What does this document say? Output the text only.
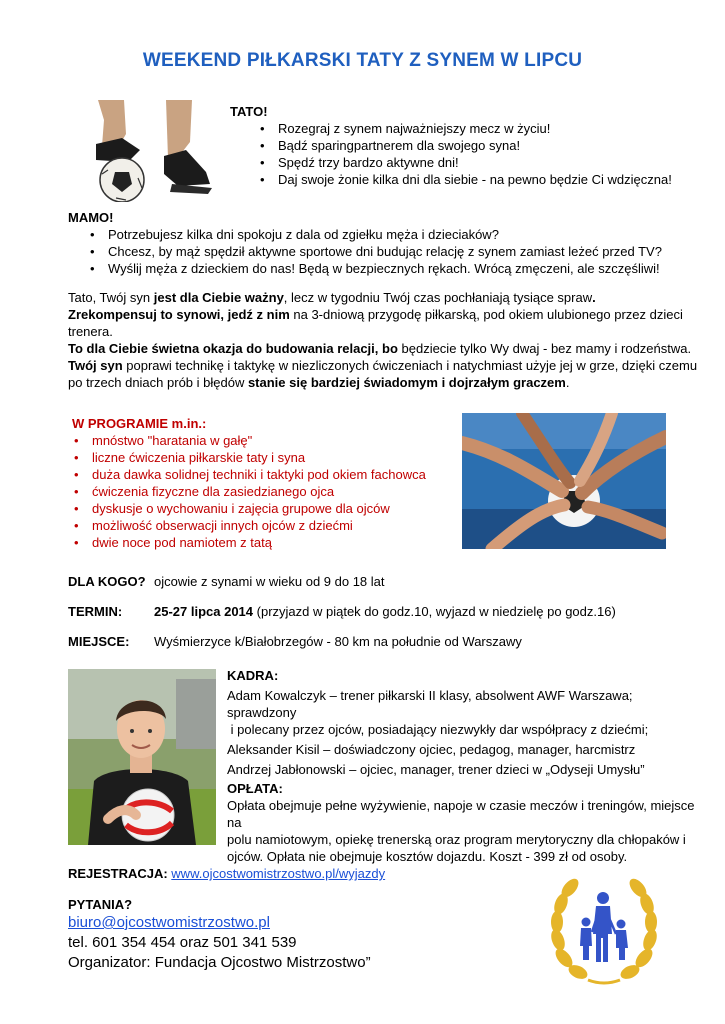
WEEKEND PIŁKARSKI TATY Z SYNEM W LIPCU

TATO!

• Rozegraj z synem najważniejszy mecz w życiu!
• Bądź sparingpartnerem dla swojego syna!
• Spędź trzy bardzo aktywne dni!
• Daj swoje żonie kilka dni dla siebie - na pewno będzie Ci wdzięczna!

MAMO!

• Potrzebujesz kilka dni spokoju z dala od zgiełku męża i dzieciaków?
• Chcesz, by mąż spędził aktywne sportowe dni budując relację z synem zamiast leżeć przed TV?
• Wyślij męża z dzieckiem do nas! Będą w bezpiecznych rękach. Wrócą zmęczeni, ale szczęśliwi!

Tato, Twój syn jest dla Ciebie ważny, lecz w tygodniu Twój czas pochłaniają tysiące spraw.

Zrekompensuj to synowi, jedź z nim na 3-dniową przygodę piłkarską, pod okiem ulubionego przez dzieci trenera.

To dla Ciebie świetna okazja do budowania relacji, bo będziecie tylko Wy dwaj - bez mamy i rodzeństwa.

Twój syn poprawi technikę i taktykę w niezliczonych ćwiczeniach i natychmiast użyje jej w grze, dzięki czemu po trzech dniach prób i błędów stanie się bardziej świadomym i dojrzałym graczem.

W PROGRAMIE m.in.:

• mnóstwo "haratania w gałę"
• liczne ćwiczenia piłkarskie taty i syna
• duża dawka solidnej techniki i taktyki pod okiem fachowca
• ćwiczenia fizyczne dla zasiedzianego ojca
• dyskusje o wychowaniu i zajęcia grupowe dla ojców
• możliwość obserwacji innych ojców z dziećmi
• dwie noce pod namiotem z tatą
DLA KOGO? ojcowie z synami w wieku od 9 do 18 lat
TERMIN: 25-27 lipca 2014 (przyjazd w piątek do godz.10, wyjazd w niedzielę po godz.16)
MIEJSCE: Wyśmierzyce k/Białobrzegów - 80 km na południe od Warszawy

KADRA:

Adam Kowalczyk – trener piłkarski II klasy, absolwent AWF Warszawa; sprawdzony

i polecany przez ojców, posiadający niezwykły dar współpracy z dziećmi;

Aleksander Kisil – doświadczony ojciec, pedagog, manager, harcmistrz

Andrzej Jabłonowski – ojciec, manager, trener dzieci w „Odyseji Umysłu”

OPŁATA:

Opłata obejmuje pełne wyżywienie, napoje w czasie meczów i treningów, miejsce na

polu namiotowym, opiekę trenerską oraz program merytoryczny dla chłopaków i

ojców. Opłata nie obejmuje kosztów dojazdu. Koszt - 399 zł od osoby.

REJESTRACJA: www.ojcostwomistrzostwo.pl/wyjazdy

PYTANIA?

biuro@ojcostwomistrzostwo.pl

tel. 601 354 454 oraz 501 341 539

Organizator: Fundacja Ojcostwo Mistrzostwo”
